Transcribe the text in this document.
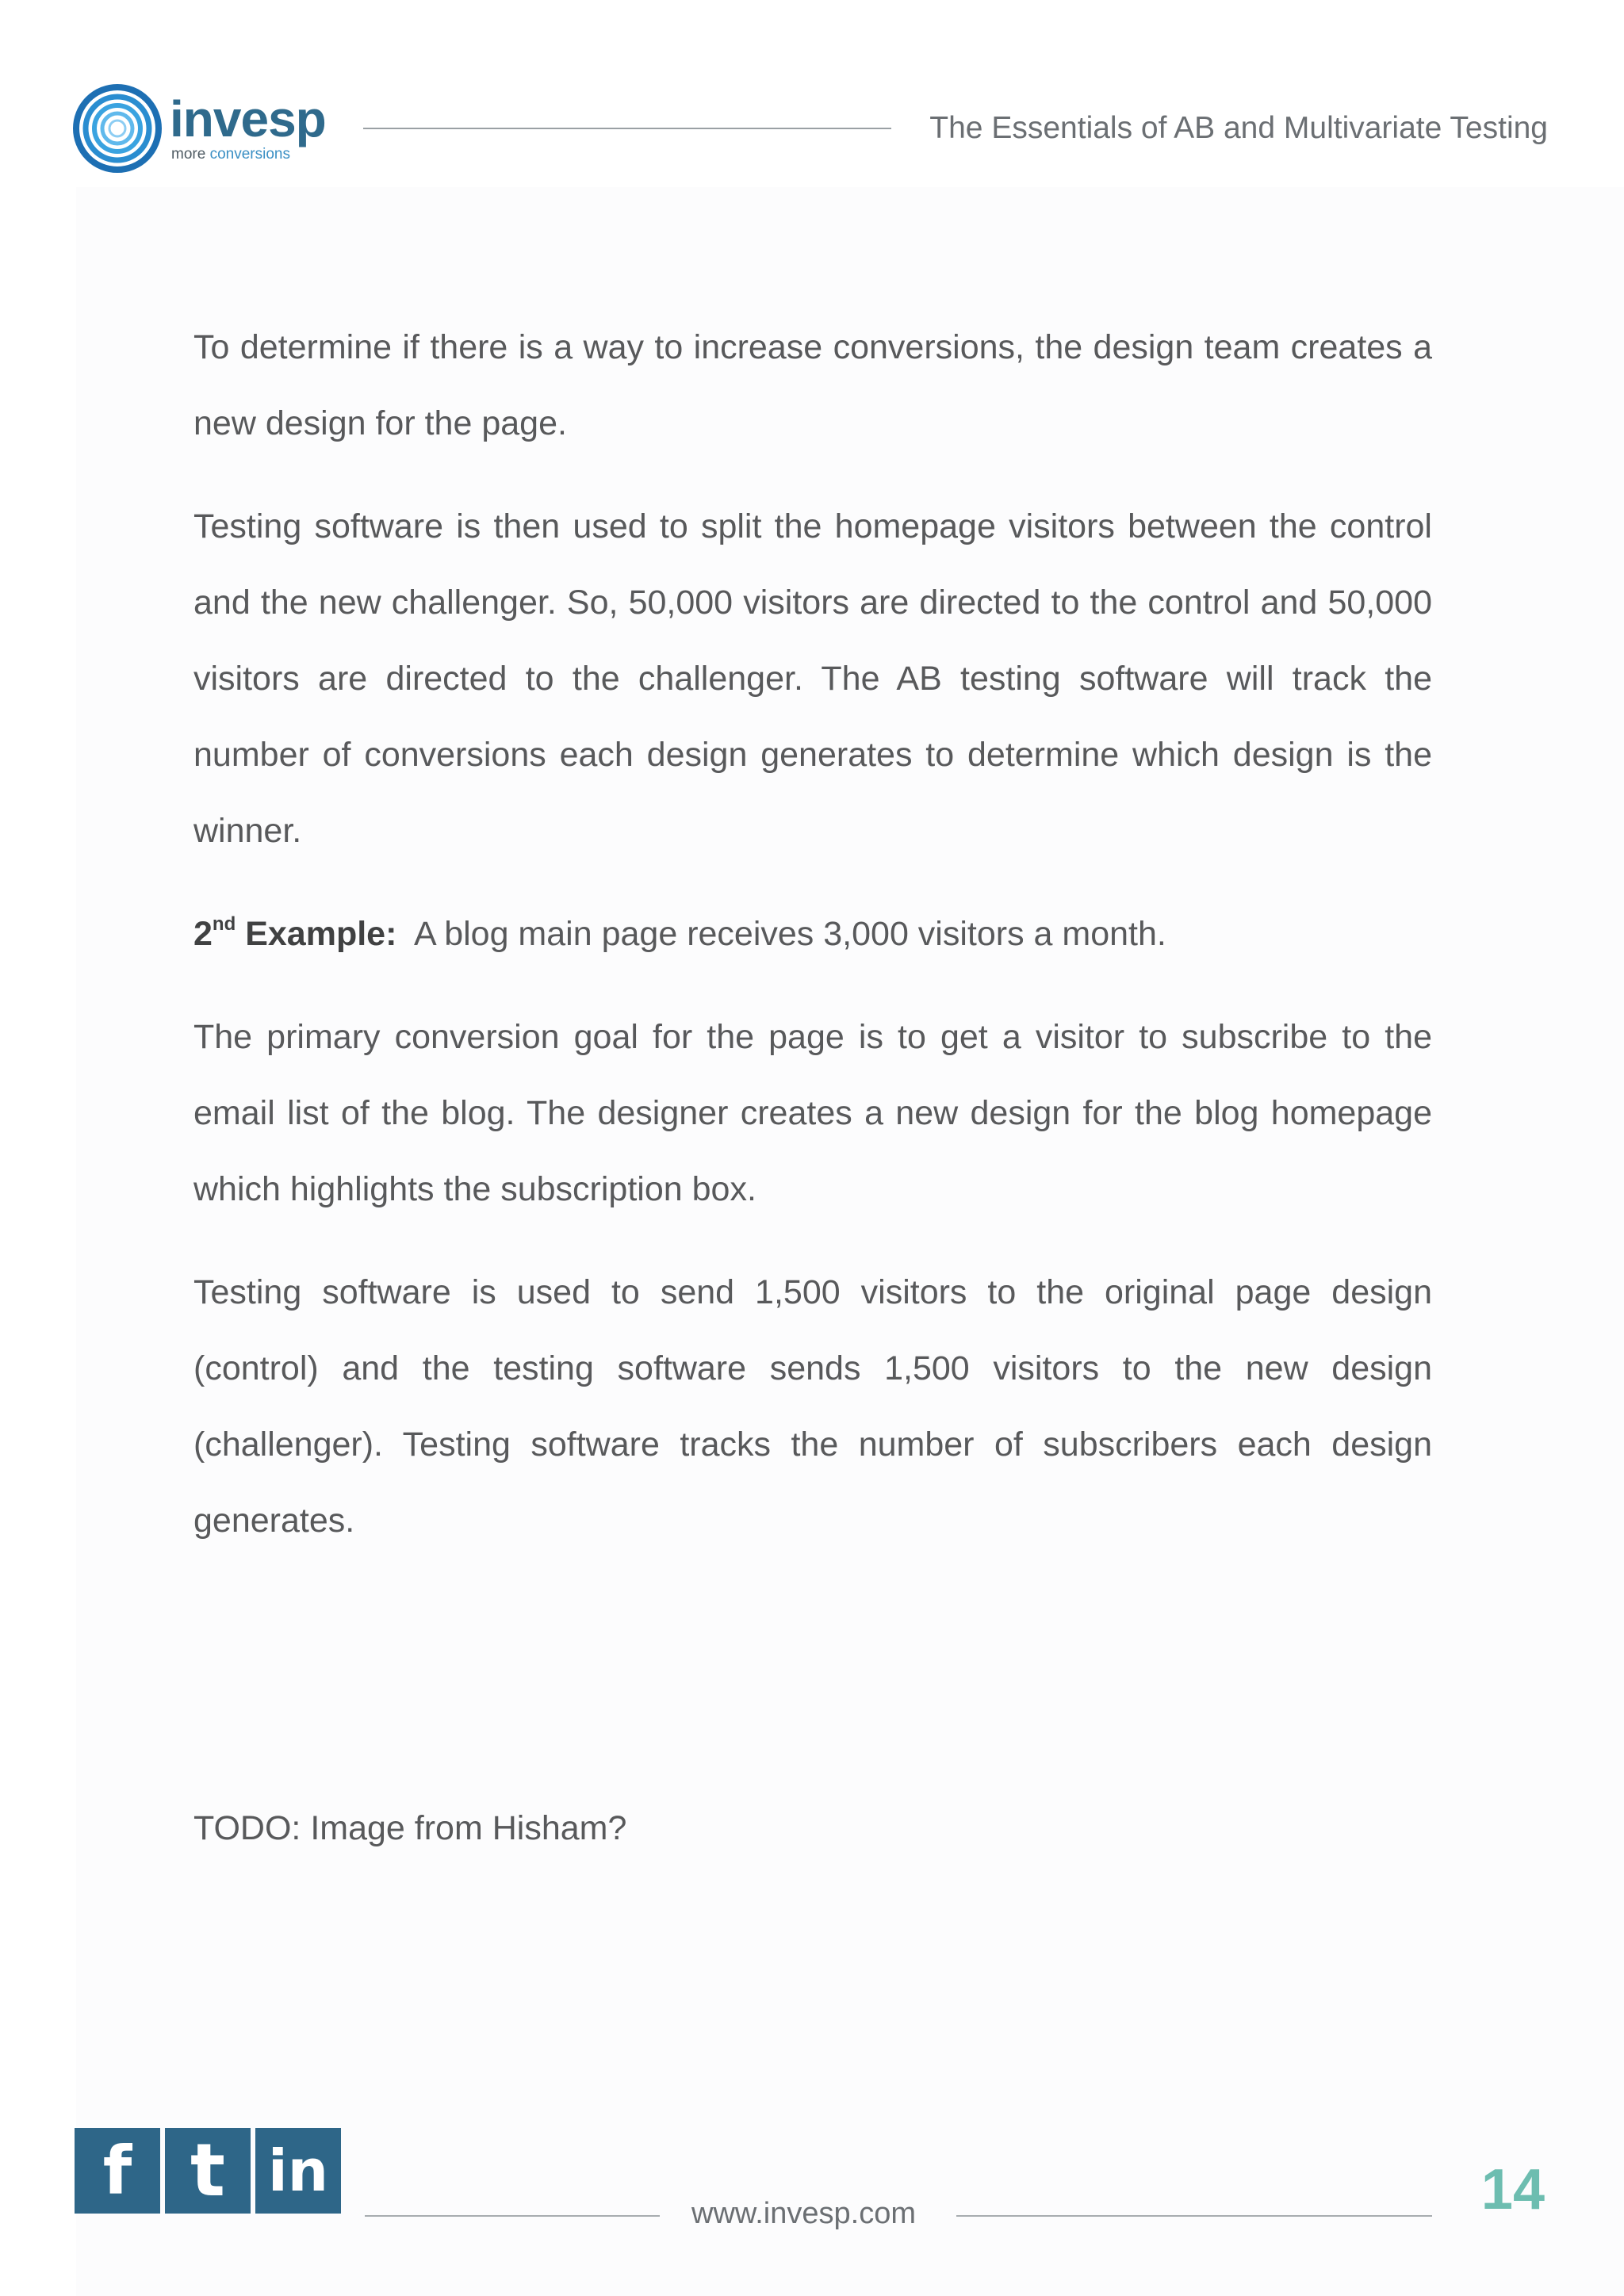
invesp
more conversions
The Essentials of AB and Multivariate Testing

To determine if there is a way to increase conversions, the design team creates a new design for the page.

Testing software is then used to split the homepage visitors between the control and the new challenger. So, 50,000 visitors are directed to the control and 50,000 visitors are directed to the challenger. The AB testing software will track the number of conversions each design generates to determine which design is the winner.

2nd Example: A blog main page receives 3,000 visitors a month.

The primary conversion goal for the page is to get a visitor to subscribe to the email list of the blog. The designer creates a new design for the blog homepage which highlights the subscription box.

Testing software is used to send 1,500 visitors to the original page design (control) and the testing software sends 1,500 visitors to the new design (challenger). Testing software tracks the number of subscribers each design generates.

TODO: Image from Hisham?
f t in
www.invesp.com	14
